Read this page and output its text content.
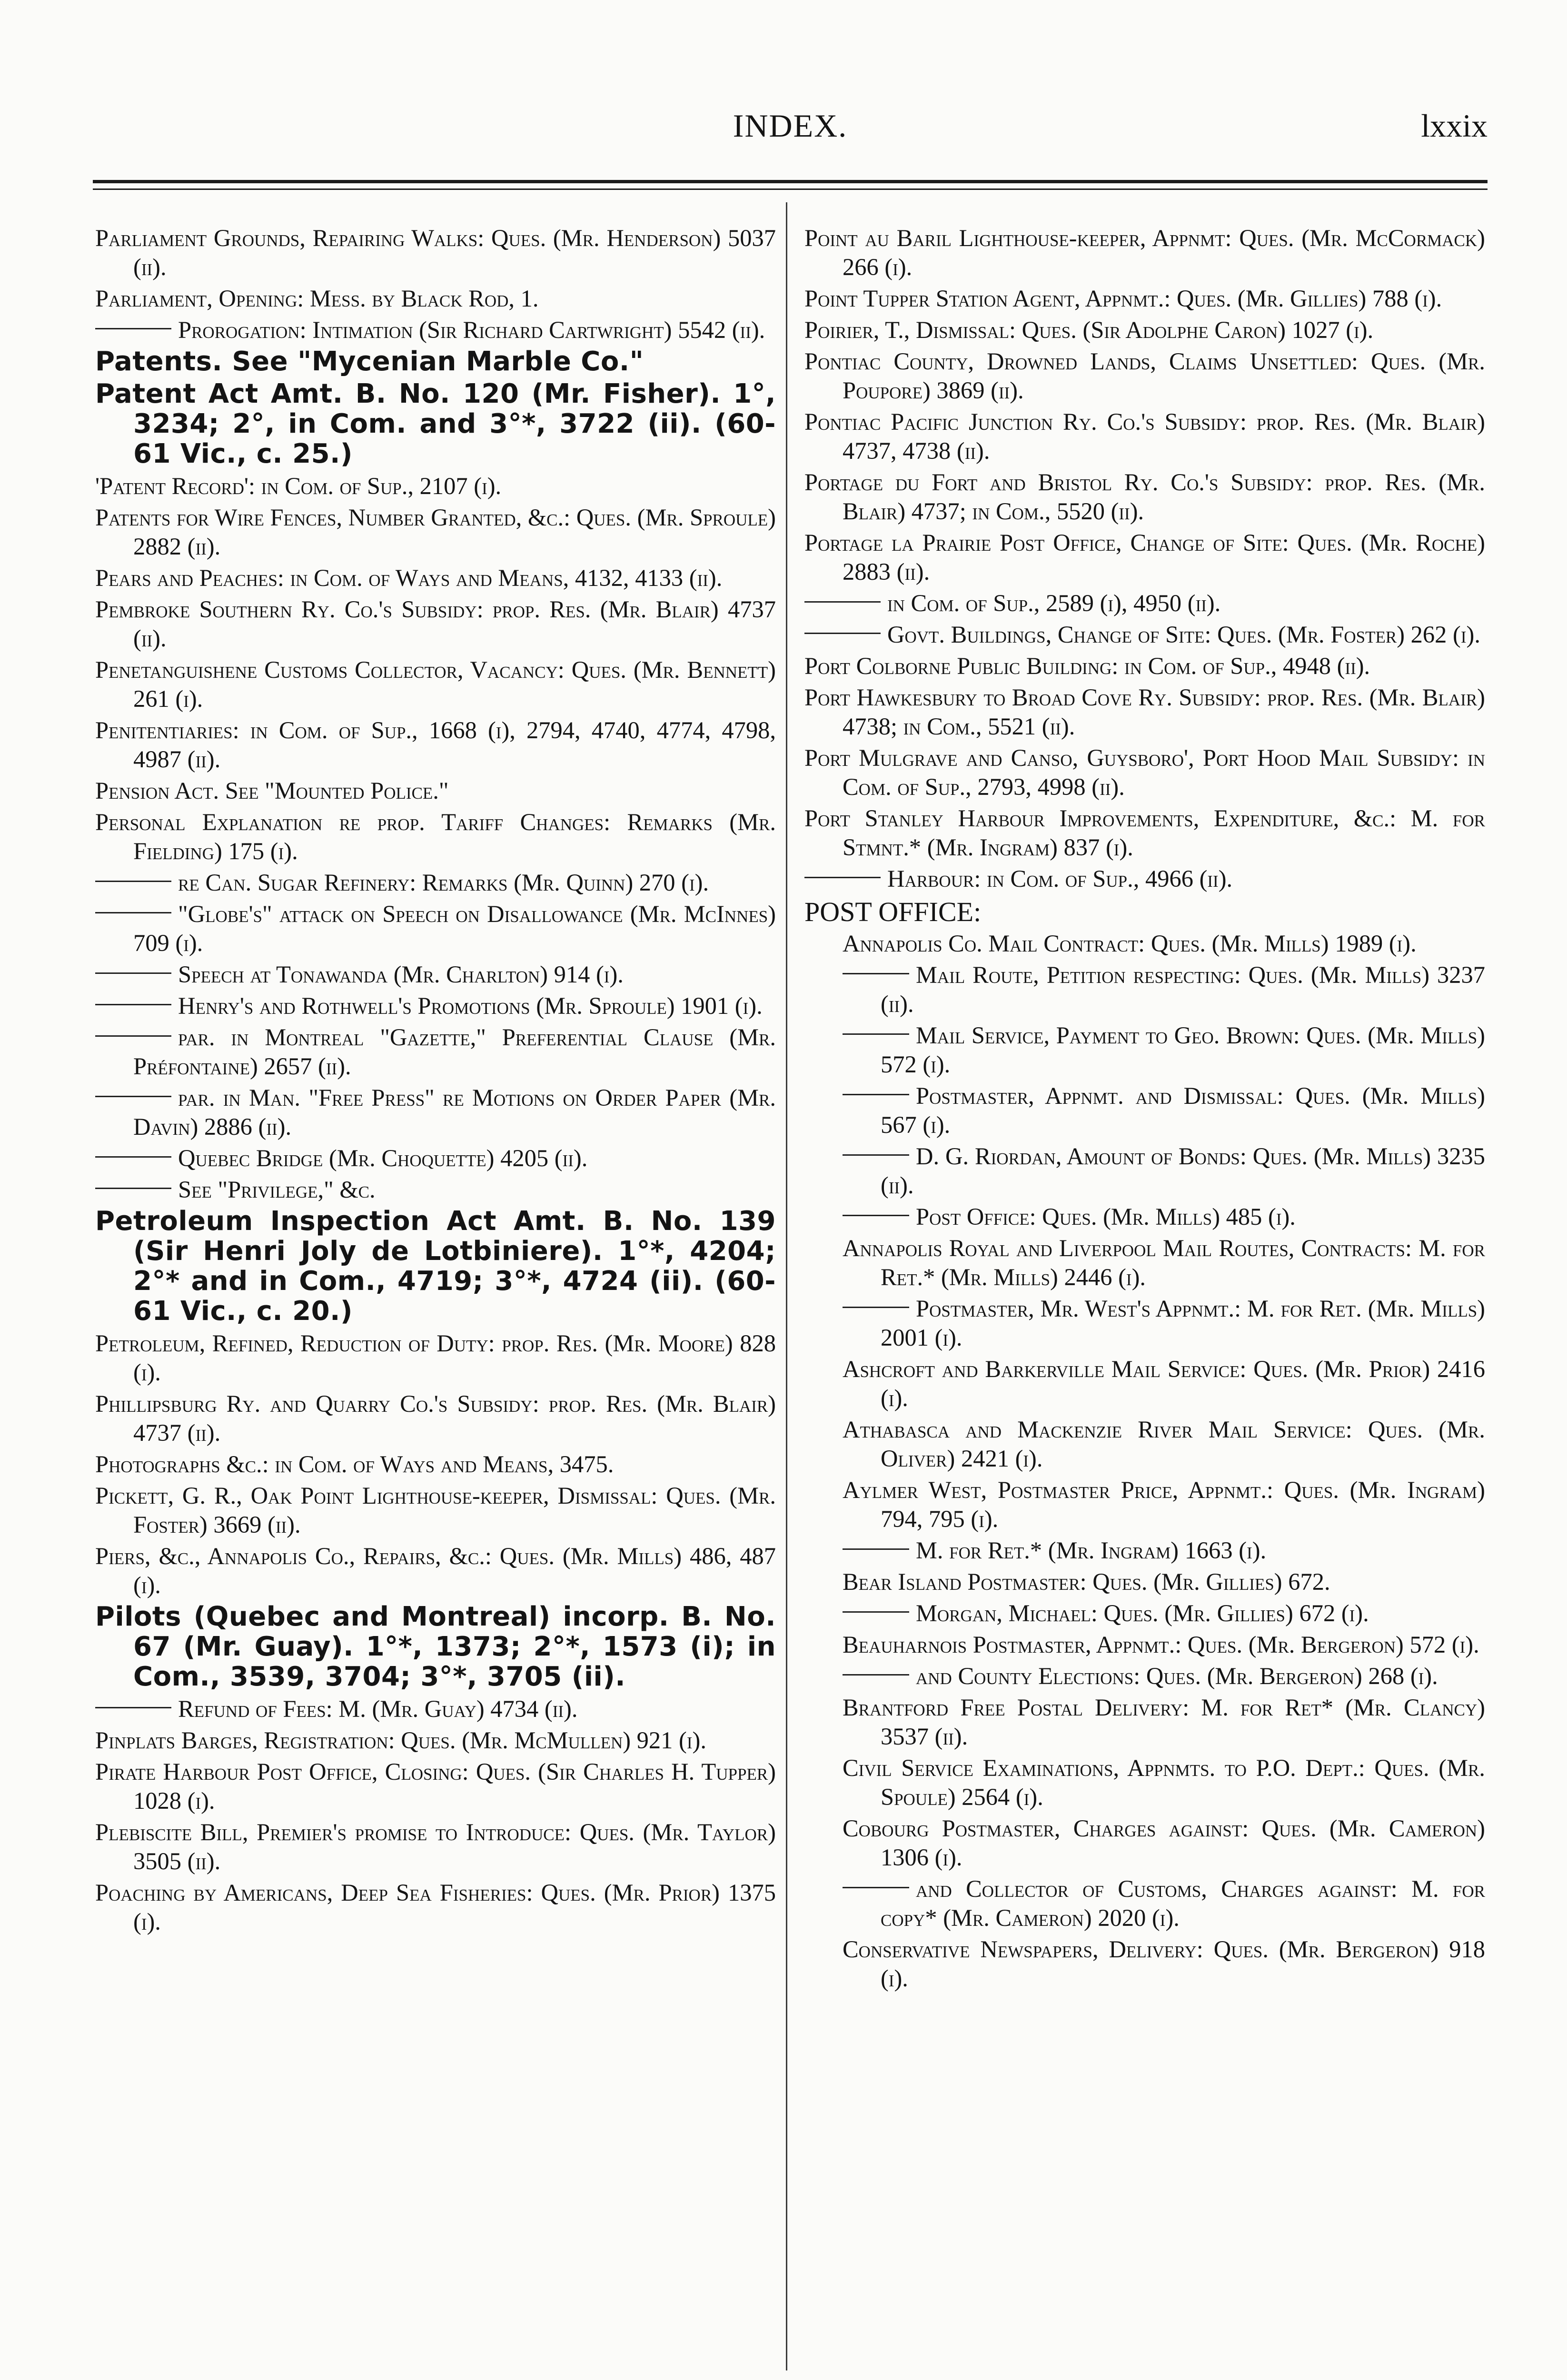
INDEX.	lxxix
Parliament Grounds, Repairing Walks: Ques. (Mr. Henderson) 5037 (ii).
Parliament, Opening: Mess. by Black Rod, 1.
Prorogation: Intimation (Sir Richard Cartwright) 5542 (ii).
Patents. See "Mycenian Marble Co."
Patent Act Amt. B. No. 120 (Mr. Fisher). 1°, 3234; 2°, in Com. and 3°*, 3722 (ii). (60-61 Vic., c. 25.)
'Patent Record': in Com. of Sup., 2107 (i).
Patents for Wire Fences, Number Granted, &c.: Ques. (Mr. Sproule) 2882 (ii).
Pears and Peaches: in Com. of Ways and Means, 4132, 4133 (ii).
Pembroke Southern Ry. Co.'s Subsidy: prop. Res. (Mr. Blair) 4737 (ii).
Penetanguishene Customs Collector, Vacancy: Ques. (Mr. Bennett) 261 (i).
Penitentiaries: in Com. of Sup., 1668 (i), 2794, 4740, 4774, 4798, 4987 (ii).
Pension Act. See "Mounted Police."
Personal Explanation re prop. Tariff Changes: Remarks (Mr. Fielding) 175 (i).
re Can. Sugar Refinery: Remarks (Mr. Quinn) 270 (i).
"Globe's" attack on Speech on Disallowance (Mr. McInnes) 709 (i).
Speech at Tonawanda (Mr. Charlton) 914 (i).
Henry's and Rothwell's Promotions (Mr. Sproule) 1901 (i).
par. in Montreal "Gazette," Preferential Clause (Mr. Préfontaine) 2657 (ii).
par. in Man. "Free Press" re Motions on Order Paper (Mr. Davin) 2886 (ii).
Quebec Bridge (Mr. Choquette) 4205 (ii).
See "Privilege," &c.
Petroleum Inspection Act Amt. B. No. 139 (Sir Henri Joly de Lotbiniere). 1°*, 4204; 2°* and in Com., 4719; 3°*, 4724 (ii). (60-61 Vic., c. 20.)
Petroleum, Refined, Reduction of Duty: prop. Res. (Mr. Moore) 828 (i).
Phillipsburg Ry. and Quarry Co.'s Subsidy: prop. Res. (Mr. Blair) 4737 (ii).
Photographs &c.: in Com. of Ways and Means, 3475.
Pickett, G. R., Oak Point Lighthouse-keeper, Dismissal: Ques. (Mr. Foster) 3669 (ii).
Piers, &c., Annapolis Co., Repairs, &c.: Ques. (Mr. Mills) 486, 487 (i).
Pilots (Quebec and Montreal) incorp. B. No. 67 (Mr. Guay). 1°*, 1373; 2°*, 1573 (i); in Com., 3539, 3704; 3°*, 3705 (ii).
Refund of Fees: M. (Mr. Guay) 4734 (ii).
Pinplats Barges, Registration: Ques. (Mr. McMullen) 921 (i).
Pirate Harbour Post Office, Closing: Ques. (Sir Charles H. Tupper) 1028 (i).
Plebiscite Bill, Premier's promise to Introduce: Ques. (Mr. Taylor) 3505 (ii).
Poaching by Americans, Deep Sea Fisheries: Ques. (Mr. Prior) 1375 (i).
Point au Baril Lighthouse-keeper, Appnmt: Ques. (Mr. McCormack) 266 (i).
Point Tupper Station Agent, Appnmt.: Ques. (Mr. Gillies) 788 (i).
Poirier, T., Dismissal: Ques. (Sir Adolphe Caron) 1027 (i).
Pontiac County, Drowned Lands, Claims Unsettled: Ques. (Mr. Poupore) 3869 (ii).
Pontiac Pacific Junction Ry. Co.'s Subsidy: prop. Res. (Mr. Blair) 4737, 4738 (ii).
Portage du Fort and Bristol Ry. Co.'s Subsidy: prop. Res. (Mr. Blair) 4737; in Com., 5520 (ii).
Portage la Prairie Post Office, Change of Site: Ques. (Mr. Roche) 2883 (ii).
in Com. of Sup., 2589 (i), 4950 (ii).
Govt. Buildings, Change of Site: Ques. (Mr. Foster) 262 (i).
Port Colborne Public Building: in Com. of Sup., 4948 (ii).
Port Hawkesbury to Broad Cove Ry. Subsidy: prop. Res. (Mr. Blair) 4738; in Com., 5521 (ii).
Port Mulgrave and Canso, Guysboro', Port Hood Mail Subsidy: in Com. of Sup., 2793, 4998 (ii).
Port Stanley Harbour Improvements, Expenditure, &c.: M. for Stmnt.* (Mr. Ingram) 837 (i).
Harbour: in Com. of Sup., 4966 (ii).
POST OFFICE:
Annapolis Co. Mail Contract: Ques. (Mr. Mills) 1989 (i).
Mail Route, Petition respecting: Ques. (Mr. Mills) 3237 (ii).
Mail Service, Payment to Geo. Brown: Ques. (Mr. Mills) 572 (i).
Postmaster, Appnmt. and Dismissal: Ques. (Mr. Mills) 567 (i).
D. G. Riordan, Amount of Bonds: Ques. (Mr. Mills) 3235 (ii).
Post Office: Ques. (Mr. Mills) 485 (i).
Annapolis Royal and Liverpool Mail Routes, Contracts: M. for Ret.* (Mr. Mills) 2446 (i).
Postmaster, Mr. West's Appnmt.: M. for Ret. (Mr. Mills) 2001 (i).
Ashcroft and Barkerville Mail Service: Ques. (Mr. Prior) 2416 (i).
Athabasca and Mackenzie River Mail Service: Ques. (Mr. Oliver) 2421 (i).
Aylmer West, Postmaster Price, Appnmt.: Ques. (Mr. Ingram) 794, 795 (i).
M. for Ret.* (Mr. Ingram) 1663 (i).
Bear Island Postmaster: Ques. (Mr. Gillies) 672.
Morgan, Michael: Ques. (Mr. Gillies) 672 (i).
Beauharnois Postmaster, Appnmt.: Ques. (Mr. Bergeron) 572 (i).
and County Elections: Ques. (Mr. Bergeron) 268 (i).
Brantford Free Postal Delivery: M. for Ret* (Mr. Clancy) 3537 (ii).
Civil Service Examinations, Appnmts. to P.O. Dept.: Ques. (Mr. Spoule) 2564 (i).
Cobourg Postmaster, Charges against: Ques. (Mr. Cameron) 1306 (i).
and Collector of Customs, Charges against: M. for copy* (Mr. Cameron) 2020 (i).
Conservative Newspapers, Delivery: Ques. (Mr. Bergeron) 918 (i).
